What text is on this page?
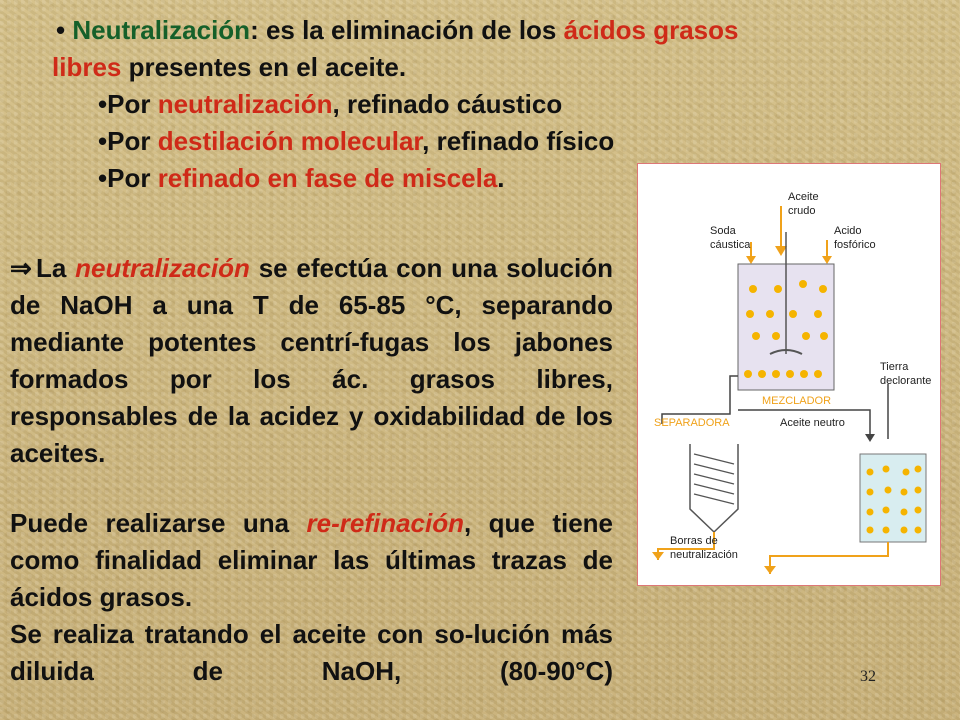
• Neutralización: es la eliminación de los ácidos grasos
libres presentes en el aceite.
•Por neutralización, refinado cáustico
•Por destilación molecular, refinado físico
•Por refinado en fase de miscela.
⇒ La neutralización se efectúa con una solución de NaOH a una T de 65-85 °C, separando mediante potentes centrí-fugas los jabones formados por los ác. grasos libres, responsables de la acidez y oxidabilidad de los aceites.
Puede realizarse una re-refinación, que tiene como finalidad eliminar las últimas trazas de ácidos grasos.

Se realiza tratando el aceite con so-lución más diluida de NaOH, (80-90°C)
Aceite
crudo
Soda
cáustica
Acido
fosfórico
Tierra
declorante
MEZCLADOR
SEPARADORA	Aceite neutro
Borras de
neutralización
32
